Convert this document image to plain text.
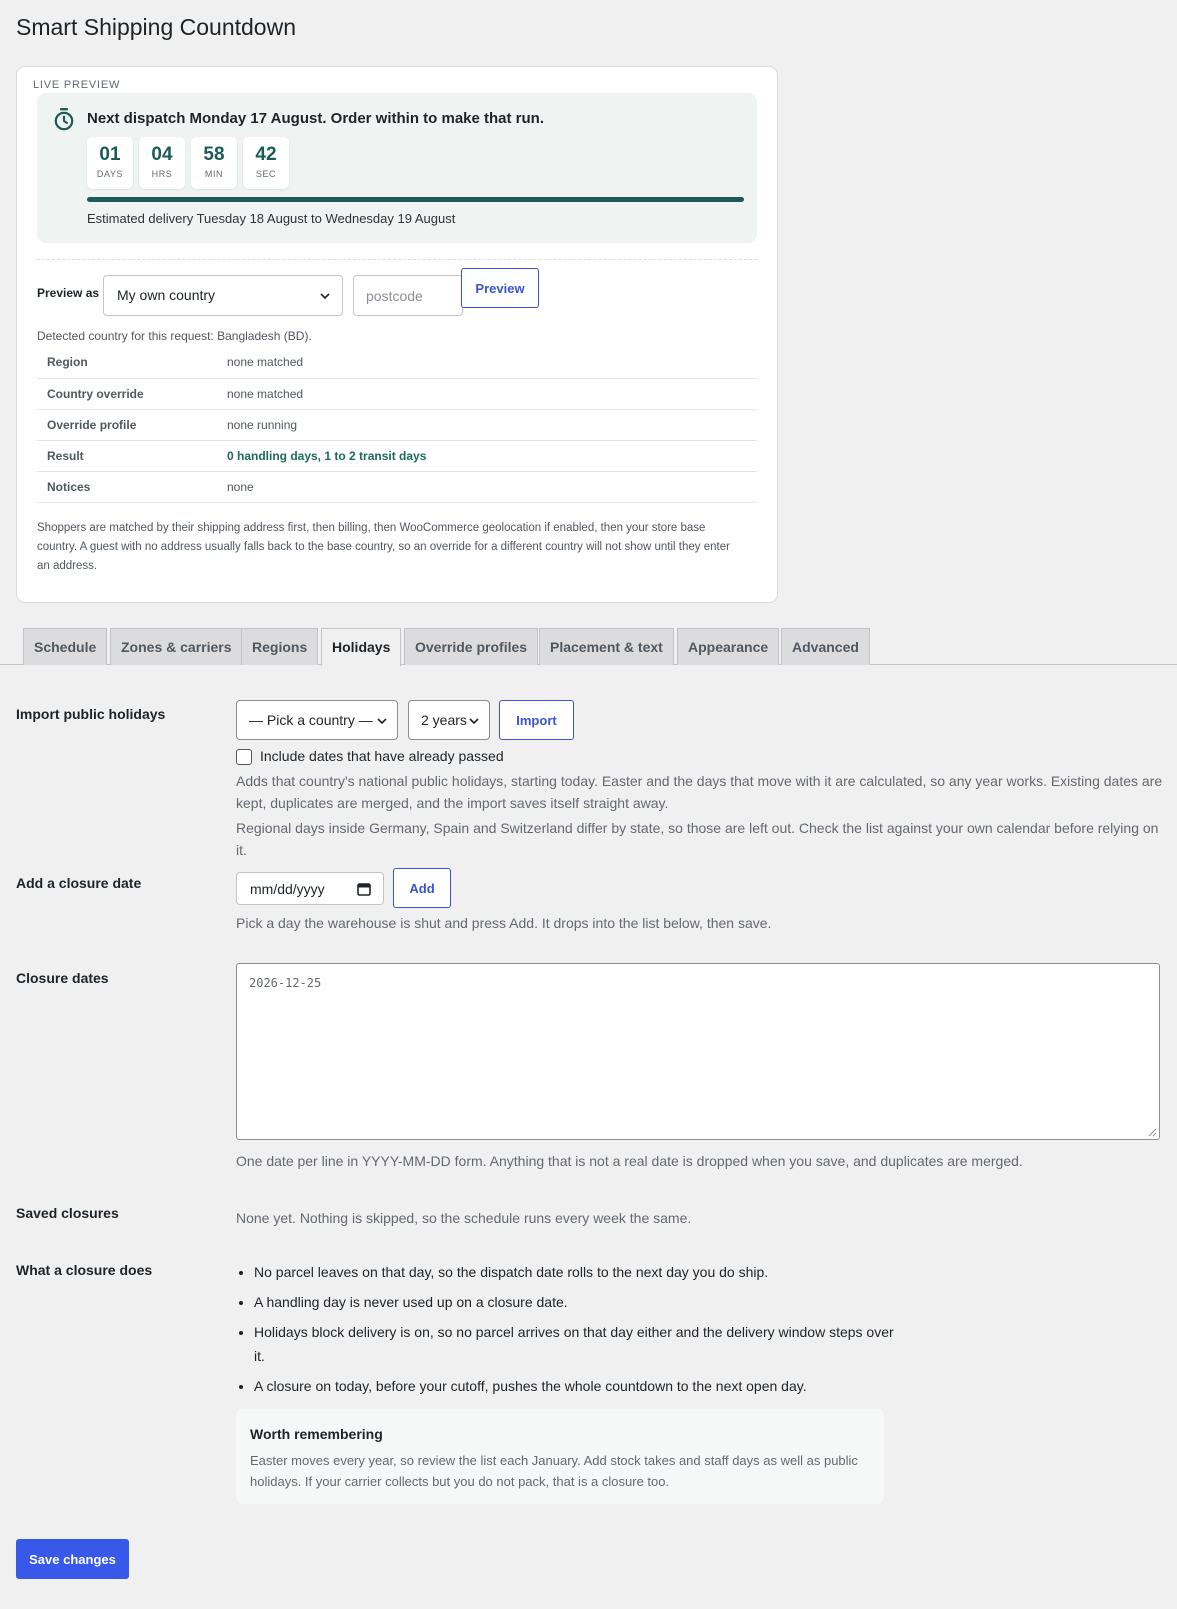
Smart Shipping Countdown
LIVE PREVIEW
Next dispatch Monday 17 August. Order within to make that run.
01
DAYS
04
HRS
58
MIN
42
SEC
Estimated delivery Tuesday 18 August to Wednesday 19 August
Preview as	My own country
postcode	Preview
Detected country for this request: Bangladesh (BD).
Region	none matched
Country override	none matched
Override profile	none running
Result	0 handling days, 1 to 2 transit days
Notices	none
Shoppers are matched by their shipping address first, then billing, then WooCommerce geolocation if enabled, then your store base country. A guest with no address usually falls back to the base country, so an override for a different country will not show until they enter an address.
Schedule	Zones & carriers	Regions	Holidays	Override profiles	Placement & text	Appearance	Advanced
Import public holidays	— Pick a country —	2 years	Import
Include dates that have already passed
Adds that country's national public holidays, starting today. Easter and the days that move with it are calculated, so any year works. Existing dates are kept, duplicates are merged, and the import saves itself straight away.
Regional days inside Germany, Spain and Switzerland differ by state, so those are left out. Check the list against your own calendar before relying on it.
Add a closure date	mm/dd/yyyy	Add
Pick a day the warehouse is shut and press Add. It drops into the list below, then save.
Closure dates	2026-12-25
One date per line in YYYY-MM-DD form. Anything that is not a real date is dropped when you save, and duplicates are merged.
Saved closures	None yet. Nothing is skipped, so the schedule runs every week the same.
What a closure does	• No parcel leaves on that day, so the dispatch date rolls to the next day you do ship.
• A handling day is never used up on a closure date.
• Holidays block delivery is on, so no parcel arrives on that day either and the delivery window steps over it.
• A closure on today, before your cutoff, pushes the whole countdown to the next open day.
Worth remembering
Easter moves every year, so review the list each January. Add stock takes and staff days as well as public holidays. If your carrier collects but you do not pack, that is a closure too.
Save changes
